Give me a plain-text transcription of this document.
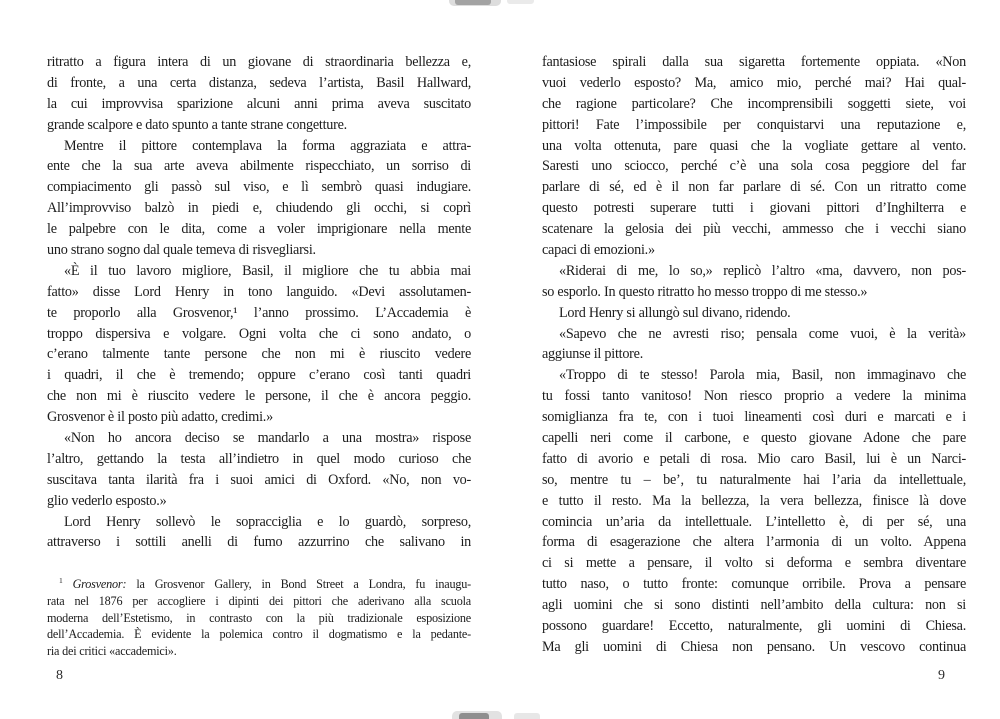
ritratto a figura intera di un giovane di straordinaria bellezza e,
di fronte, a una certa distanza, sedeva l’artista, Basil Hallward,
la cui improvvisa sparizione alcuni anni prima aveva suscitato
grande scalpore e dato spunto a tante strane congetture.
Mentre il pittore contemplava la forma aggraziata e attra-
ente che la sua arte aveva abilmente rispecchiato, un sorriso di
compiacimento gli passò sul viso, e lì sembrò quasi indugiare.
All’improvviso balzò in piedi e, chiudendo gli occhi, si coprì
le palpebre con le dita, come a voler imprigionare nella mente
uno strano sogno dal quale temeva di risvegliarsi.
«È il tuo lavoro migliore, Basil, il migliore che tu abbia mai
fatto» disse Lord Henry in tono languido. «Devi assolutamen-
te proporlo alla Grosvenor,¹ l’anno prossimo. L’Accademia è
troppo dispersiva e volgare. Ogni volta che ci sono andato, o
c’erano talmente tante persone che non mi è riuscito vedere
i quadri, il che è tremendo; oppure c’erano così tanti quadri
che non mi è riuscito vedere le persone, il che è ancora peggio.
Grosvenor è il posto più adatto, credimi.»
«Non ho ancora deciso se mandarlo a una mostra» rispose
l’altro, gettando la testa all’indietro in quel modo curioso che
suscitava tanta ilarità fra i suoi amici di Oxford. «No, non vo-
glio vederlo esposto.»
Lord Henry sollevò le sopracciglia e lo guardò, sorpreso,
attraverso i sottili anelli di fumo azzurrino che salivano in
$^1$ Grosvenor: la Grosvenor Gallery, in Bond Street a Londra, fu inaugu-
rata nel 1876 per accogliere i dipinti dei pittori che aderivano alla scuola
moderna dell’Estetismo, in contrasto con la più tradizionale esposizione
dell’Accademia. È evidente la polemica contro il dogmatismo e la pedante-
ria dei critici «accademici».
fantasiose spirali dalla sua sigaretta fortemente oppiata. «Non
vuoi vederlo esposto? Ma, amico mio, perché mai? Hai qual-
che ragione particolare? Che incomprensibili soggetti siete, voi
pittori! Fate l’impossibile per conquistarvi una reputazione e,
una volta ottenuta, pare quasi che la vogliate gettare al vento.
Saresti uno sciocco, perché c’è una sola cosa peggiore del far
parlare di sé, ed è il non far parlare di sé. Con un ritratto come
questo potresti superare tutti i giovani pittori d’Inghilterra e
scatenare la gelosia dei più vecchi, ammesso che i vecchi siano
capaci di emozioni.»
«Riderai di me, lo so,» replicò l’altro «ma, davvero, non pos-
so esporlo. In questo ritratto ho messo troppo di me stesso.»
Lord Henry si allungò sul divano, ridendo.
«Sapevo che ne avresti riso; pensala come vuoi, è la verità»
aggiunse il pittore.
«Troppo di te stesso! Parola mia, Basil, non immaginavo che
tu fossi tanto vanitoso! Non riesco proprio a vedere la minima
somiglianza fra te, con i tuoi lineamenti così duri e marcati e i
capelli neri come il carbone, e questo giovane Adone che pare
fatto di avorio e petali di rosa. Mio caro Basil, lui è un Narci-
so, mentre tu – be’, tu naturalmente hai l’aria da intellettuale,
e tutto il resto. Ma la bellezza, la vera bellezza, finisce là dove
comincia un’aria da intellettuale. L’intelletto è, di per sé, una
forma di esagerazione che altera l’armonia di un volto. Appena
ci si mette a pensare, il volto si deforma e sembra diventare
tutto naso, o tutto fronte: comunque orribile. Prova a pensare
agli uomini che si sono distinti nell’ambito della cultura: non si
possono guardare! Eccetto, naturalmente, gli uomini di Chiesa.
Ma gli uomini di Chiesa non pensano. Un vescovo continua
8	9
